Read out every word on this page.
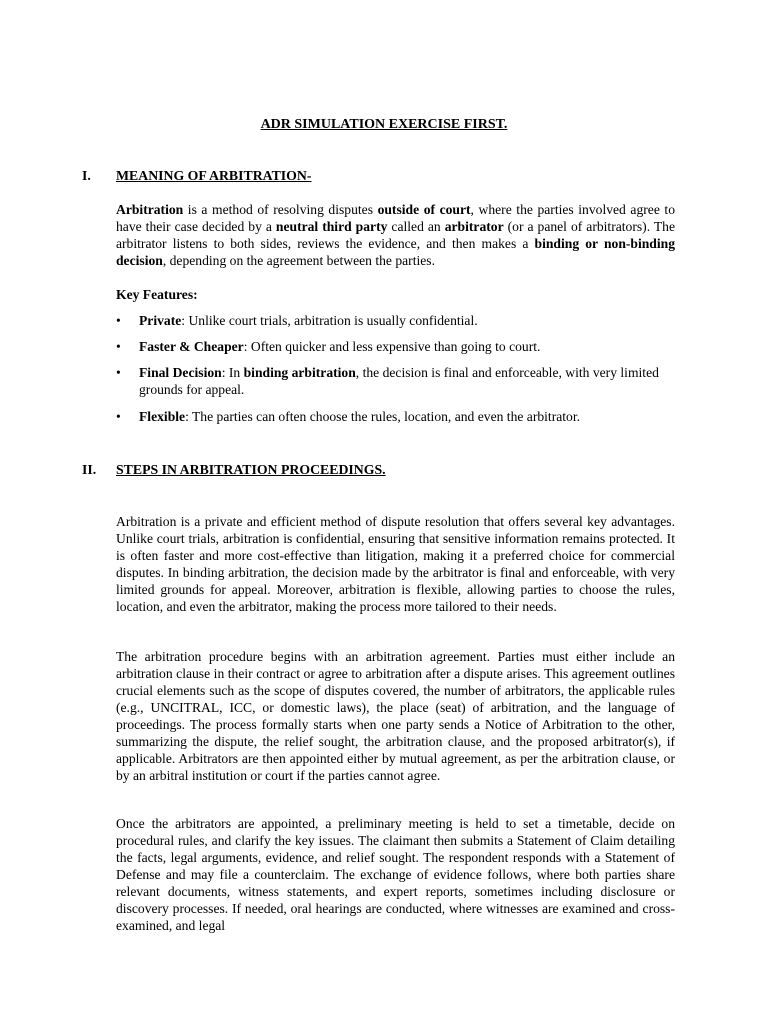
ADR SIMULATION EXERCISE FIRST.
I. MEANING OF ARBITRATION-

Arbitration is a method of resolving disputes outside of court, where the parties involved agree to have their case decided by a neutral third party called an arbitrator (or a panel of arbitrators). The arbitrator listens to both sides, reviews the evidence, and then makes a binding or non-binding decision, depending on the agreement between the parties.

Key Features:
• Private: Unlike court trials, arbitration is usually confidential.
• Faster & Cheaper: Often quicker and less expensive than going to court.
• Final Decision: In binding arbitration, the decision is final and enforceable, with very limited grounds for appeal.
• Flexible: The parties can often choose the rules, location, and even the arbitrator.
II. STEPS IN ARBITRATION PROCEEDINGS.

Arbitration is a private and efficient method of dispute resolution that offers several key advantages. Unlike court trials, arbitration is confidential, ensuring that sensitive information remains protected. It is often faster and more cost-effective than litigation, making it a preferred choice for commercial disputes. In binding arbitration, the decision made by the arbitrator is final and enforceable, with very limited grounds for appeal. Moreover, arbitration is flexible, allowing parties to choose the rules, location, and even the arbitrator, making the process more tailored to their needs.

The arbitration procedure begins with an arbitration agreement. Parties must either include an arbitration clause in their contract or agree to arbitration after a dispute arises. This agreement outlines crucial elements such as the scope of disputes covered, the number of arbitrators, the applicable rules (e.g., UNCITRAL, ICC, or domestic laws), the place (seat) of arbitration, and the language of proceedings. The process formally starts when one party sends a Notice of Arbitration to the other, summarizing the dispute, the relief sought, the arbitration clause, and the proposed arbitrator(s), if applicable. Arbitrators are then appointed either by mutual agreement, as per the arbitration clause, or by an arbitral institution or court if the parties cannot agree.

Once the arbitrators are appointed, a preliminary meeting is held to set a timetable, decide on procedural rules, and clarify the key issues. The claimant then submits a Statement of Claim detailing the facts, legal arguments, evidence, and relief sought. The respondent responds with a Statement of Defense and may file a counterclaim. The exchange of evidence follows, where both parties share relevant documents, witness statements, and expert reports, sometimes including disclosure or discovery processes. If needed, oral hearings are conducted, where witnesses are examined and cross-examined, and legal
